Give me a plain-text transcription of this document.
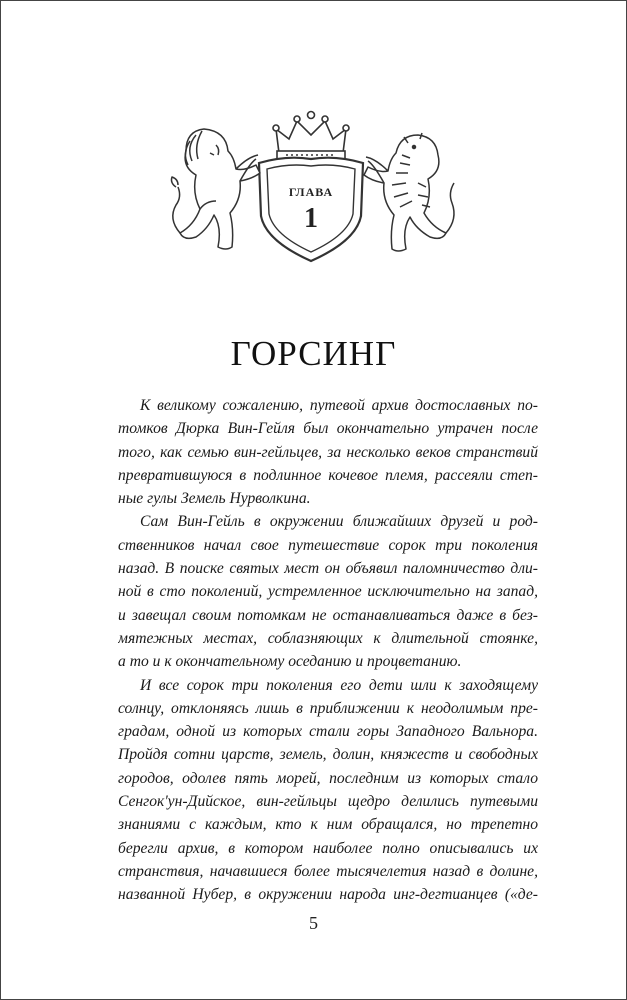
ГЛАВА
1
ГОРСИНГ

К великому сожалению, путевой архив достославных по-
томков Дюрка Вин-Гейля был окончательно утрачен после
того, как семью вин-гейльцев, за несколько веков странствий
превратившуюся в подлинное кочевое племя, рассеяли степ-
ные гулы Земель Нурволкина.

Сам Вин-Гейль в окружении ближайших друзей и род-
ственников начал свое путешествие сорок три поколения
назад. В поиске святых мест он объявил паломничество дли-
ной в сто поколений, устремленное исключительно на запад,
и завещал своим потомкам не останавливаться даже в без-
мятежных местах, соблазняющих к длительной стоянке,
а то и к окончательному оседанию и процветанию.

И все сорок три поколения его дети шли к заходящему
солнцу, отклоняясь лишь в приближении к неодолимым пре-
градам, одной из которых стали горы Западного Вальнора.
Пройдя сотни царств, земель, долин, княжеств и свободных
городов, одолев пять морей, последним из которых стало
Сенгок'ун-Дийское, вин-гейльцы щедро делились путевыми
знаниями с каждым, кто к ним обращался, но трепетно
берегли архив, в котором наиболее полно описывались их
странствия, начавшиеся более тысячелетия назад в долине,
названной Нубер, в окружении народа инг-дегтианцев («де-

5
